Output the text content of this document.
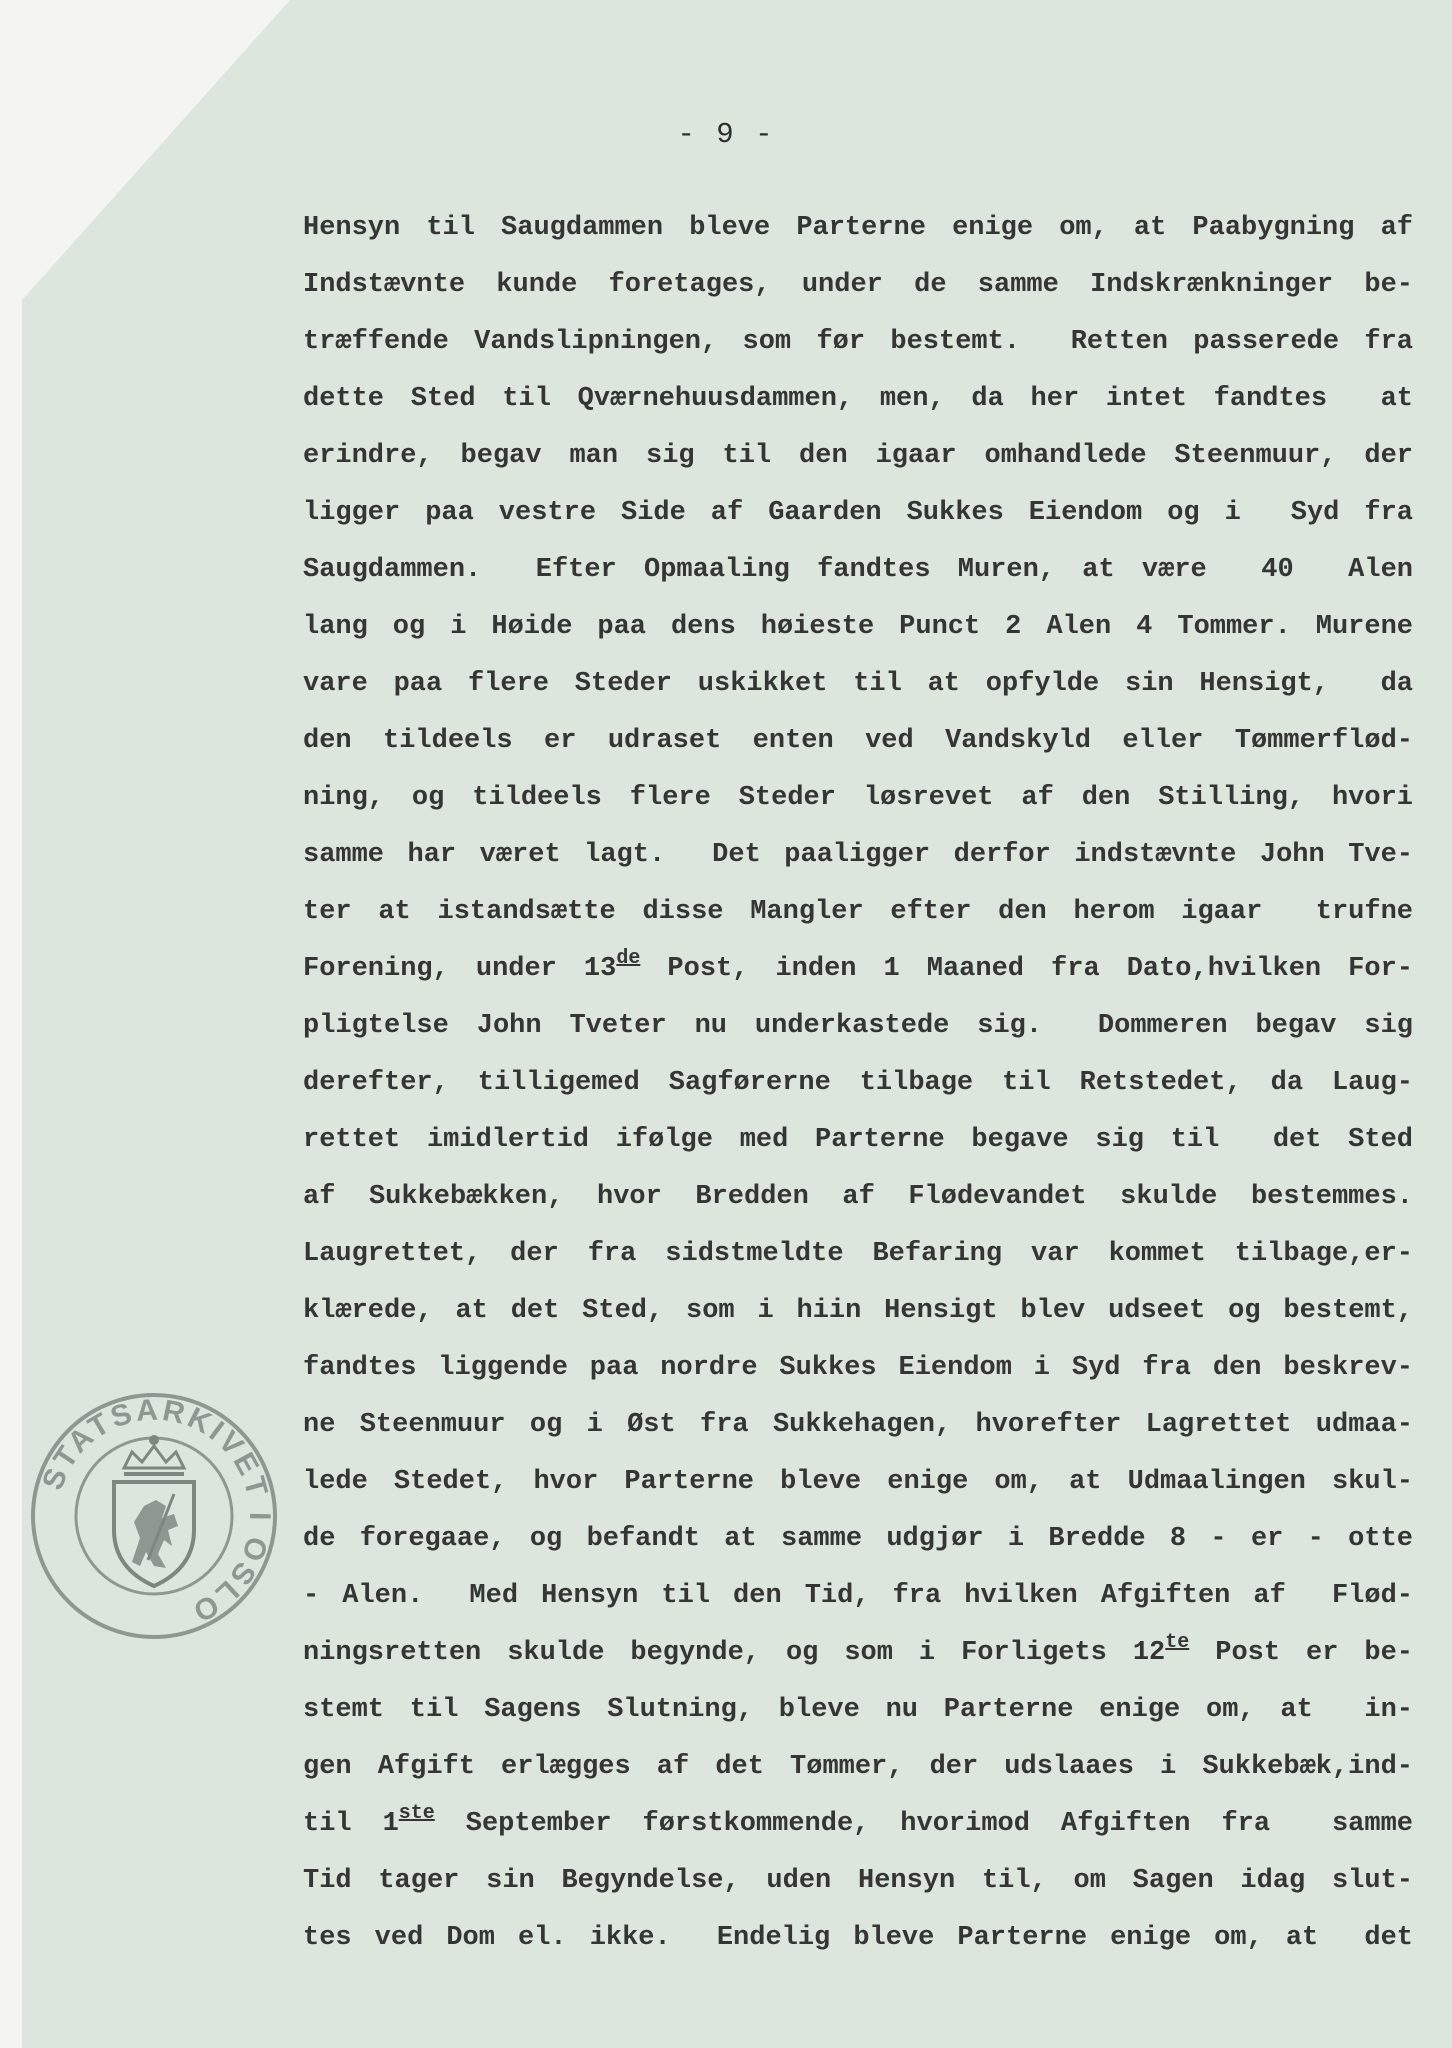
- 9 -
Hensyn til Saugdammen bleve Parterne enige om, at Paabygning af
Indstævnte kunde foretages, under de samme Indskrænkninger be-
træffende Vandslipningen, som før bestemt.  Retten passerede fra
dette Sted til Qværnehuusdammen, men, da her intet fandtes  at
erindre, begav man sig til den igaar omhandlede Steenmuur, der
ligger paa vestre Side af Gaarden Sukkes Eiendom og i  Syd fra
Saugdammen.  Efter Opmaaling fandtes Muren, at være  40  Alen
lang og i Høide paa dens høieste Punct 2 Alen 4 Tommer. Murene
vare paa flere Steder uskikket til at opfylde sin Hensigt,  da
den tildeels er udraset enten ved Vandskyld eller Tømmerflød-
ning, og tildeels flere Steder løsrevet af den Stilling, hvori
samme har været lagt.  Det paaligger derfor indstævnte John Tve-
ter at istandsætte disse Mangler efter den herom igaar  trufne
Forening, under 13de Post, inden 1 Maaned fra Dato,hvilken For-
pligtelse John Tveter nu underkastede sig.  Dommeren begav sig
derefter, tilligemed Sagførerne tilbage til Retstedet, da Laug-
rettet imidlertid ifølge med Parterne begave sig til  det Sted
af Sukkebækken, hvor Bredden af Flødevandet skulde bestemmes.
Laugrettet, der fra sidstmeldte Befaring var kommet tilbage,er-
klærede, at det Sted, som i hiin Hensigt blev udseet og bestemt,
fandtes liggende paa nordre Sukkes Eiendom i Syd fra den beskrev-
ne Steenmuur og i Øst fra Sukkehagen, hvorefter Lagrettet udmaa-
lede Stedet, hvor Parterne bleve enige om, at Udmaalingen skul-
de foregaae, og befandt at samme udgjør i Bredde 8 - er - otte
- Alen.  Med Hensyn til den Tid, fra hvilken Afgiften af  Flød-
ningsretten skulde begynde, og som i Forligets $12^{te}$ Post er be-
stemt til Sagens Slutning, bleve nu Parterne enige om, at  in-
gen Afgift erlægges af det Tømmer, der udslaaes i Sukkebæk,ind-
til 1ste September førstkommende, hvorimod Afgiften fra  samme
Tid tager sin Begyndelse, uden Hensyn til, om Sagen idag slut-
tes ved Dom el. ikke.  Endelig bleve Parterne enige om, at  det
STATSARKIVET I OSLO
